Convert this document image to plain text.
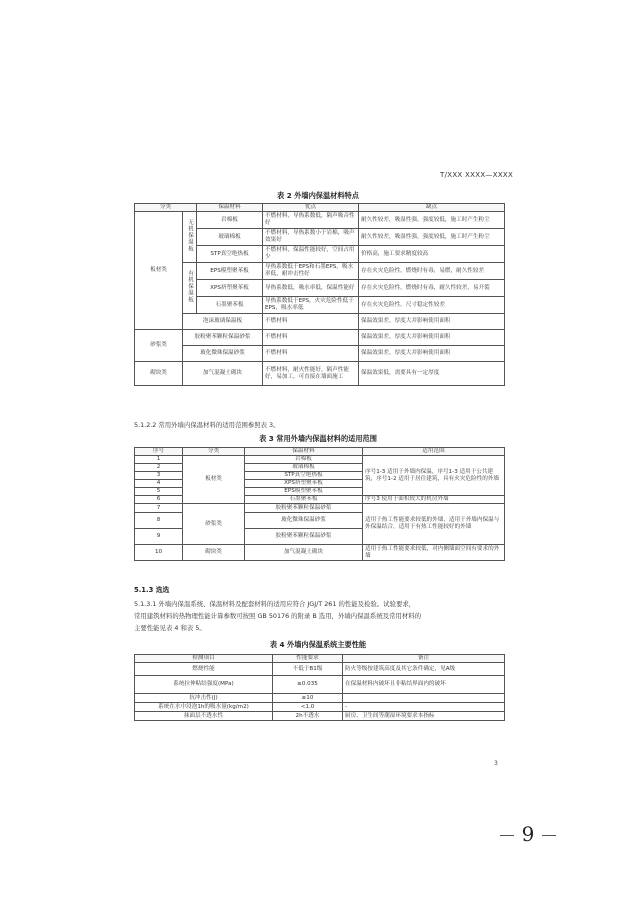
T/XXX XXXX—XXXX
表 2 外墙内保温材料特点
分类		保温材料	优点	缺点
板材类	无机保温板	岩棉板	不燃材料，导热系数低，隔声吸音性好	耐久性较差，吸湿性强，强度较低，施工时产生粉尘
		玻璃棉板	不燃材料，导热系数小于岩棉，吸声效果好	耐久性较差，吸湿性强，强度较低，施工时产生粉尘
		STP真空绝热板	不燃材料，保温性能较好，空间占用少	价格高，施工要求精度较高
	有机保温板	EPS模塑聚苯板	导热系数低于EPS和石墨EPS，吸水率低，耐冲击性好	存在火灾危险性，燃烧时有毒，易燃，耐久性较差
		XPS挤塑聚苯板	导热系数低，吸水率低，保温性能好	存在火灾危险性，燃烧时有毒，耐久性较差，易开裂
		石墨聚苯板	导热系数低于EPS，火灾危险性低于EPS，吸水率低	存在火灾危险性，尺寸稳定性较差
	泡沫玻璃保温板		不燃材料	保温效果差，厚度大并影响使用面积
砂浆类	胶粉聚苯颗粒保温砂浆		不燃材料	保温效果差，厚度大并影响使用面积
	玻化微珠保温砂浆		不燃材料	保温效果差，厚度大并影响使用面积
砌块类	加气混凝土砌块		不燃材料，耐火性能好，隔声性能好，易加工，可直接在墙面施工	保温效果低，需要具有一定厚度
5.1.2.2 常用外墙内保温材料的适用范围参照表 3。
表 3 常用外墙内保温材料的适用范围
序号	分类	保温材料	适用范围
1	板材类	岩棉板	序号1-3 适用于外墙内保温，序号1-3 适用于公共建筑，序号1-2 适用于居住建筑，具有火灾危险性的外墙
2		玻璃棉板	
3		STP真空绝热板	
4		XPS挤塑聚苯板	
5		EPS模塑聚苯板	
6		石墨聚苯板	序号3 使用于面积较大的机房外墙
7	砂浆类	胶粉聚苯颗粒保温砂浆	适用于热工性能要求较低的外墙，适用于外墙内保温与外保温结合，适用于有热工性能较好的外墙
8		玻化微珠保温砂浆	
9		胶粉聚苯颗粒保温砂浆	
10	砌块类	加气混凝土砌块	适用于热工性能要求较低，对内侧墙面空间有要求的外墙
5.1.3 选选
5.1.3.1 外墙内保温系统、保温材料及配套材料的适用应符合 JGJ/T 261 的性能及检验。试验要求，
常用建筑材料的热物理性能计算参数可按照 GB 50176 的附录 B 选用，外墙内保温系统及常用材料的
主要性能见表 4 和表 5。
表 4 外墙内保温系统主要性能
检测项目	性能要求	备注
燃烧性能	不低于B1级	防火等级按建筑高度及其它条件确定，见A级
系统拉伸粘结强度(MPa)	≥0.035	在保温材料内破坏且非粘结界面内的破坏
抗冲击性(J)	≥10	
系统在水中浸泡1h的吸水量(kg/m2)	<1.0	-
抹面层不透水性	2h不透水	厨房、卫生间等潮湿环境要求本指标
3
9
